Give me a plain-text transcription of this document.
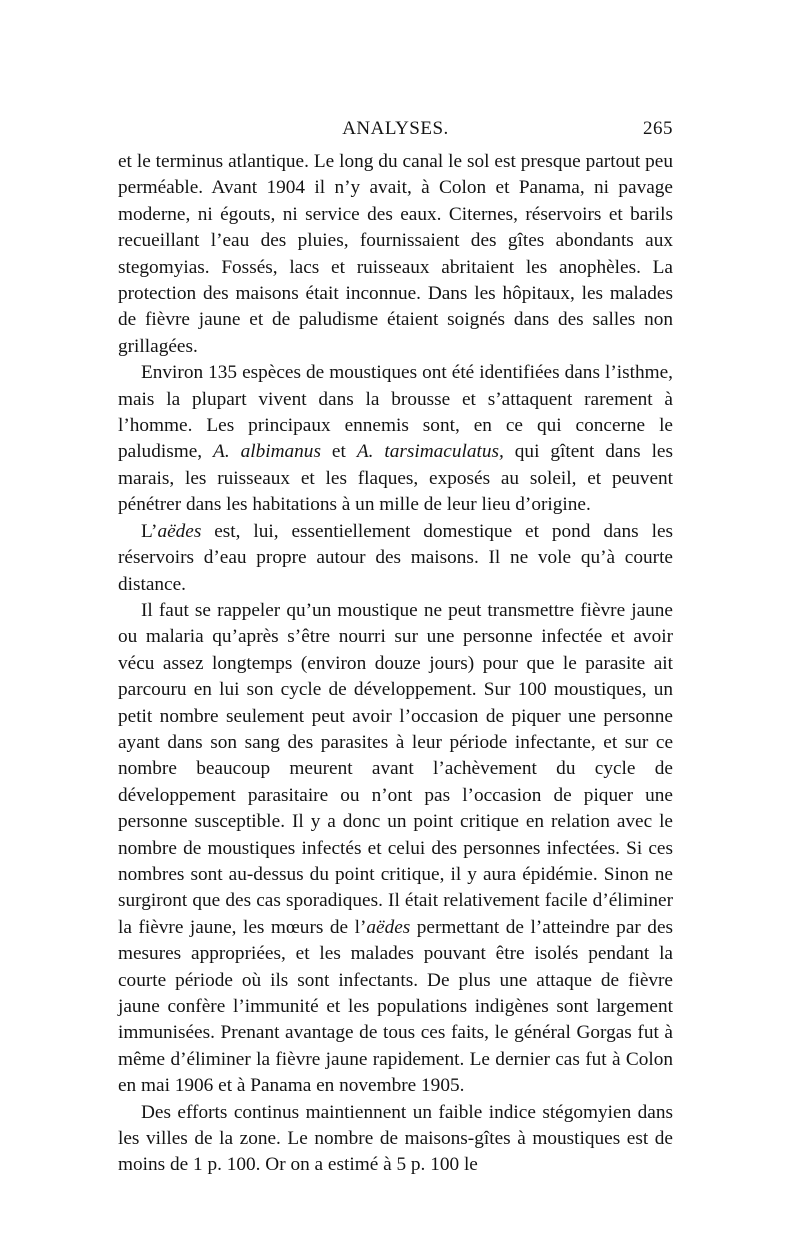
ANALYSES.	265

et le terminus atlantique. Le long du canal le sol est presque partout peu perméable. Avant 1904 il n’y avait, à Colon et Panama, ni pavage moderne, ni égouts, ni service des eaux. Citernes, réservoirs et barils recueillant l’eau des pluies, fournissaient des gîtes abondants aux stegomyias. Fossés, lacs et ruisseaux abritaient les anophèles. La protection des maisons était inconnue. Dans les hôpitaux, les malades de fièvre jaune et de paludisme étaient soignés dans des salles non grillagées.

Environ 135 espèces de moustiques ont été identifiées dans l’isthme, mais la plupart vivent dans la brousse et s’attaquent rarement à l’homme. Les principaux ennemis sont, en ce qui concerne le paludisme, A. albimanus et A. tarsimaculatus, qui gîtent dans les marais, les ruisseaux et les flaques, exposés au soleil, et peuvent pénétrer dans les habitations à un mille de leur lieu d’origine.

L’aëdes est, lui, essentiellement domestique et pond dans les réservoirs d’eau propre autour des maisons. Il ne vole qu’à courte distance.

Il faut se rappeler qu’un moustique ne peut transmettre fièvre jaune ou malaria qu’après s’être nourri sur une personne infectée et avoir vécu assez longtemps (environ douze jours) pour que le parasite ait parcouru en lui son cycle de développement. Sur 100 moustiques, un petit nombre seulement peut avoir l’occasion de piquer une personne ayant dans son sang des parasites à leur période infectante, et sur ce nombre beaucoup meurent avant l’achèvement du cycle de développement parasitaire ou n’ont pas l’occasion de piquer une personne susceptible. Il y a donc un point critique en relation avec le nombre de moustiques infectés et celui des personnes infectées. Si ces nombres sont au-dessus du point critique, il y aura épidémie. Sinon ne surgiront que des cas sporadiques. Il était relativement facile d’éliminer la fièvre jaune, les mœurs de l’aëdes permettant de l’atteindre par des mesures appropriées, et les malades pouvant être isolés pendant la courte période où ils sont infectants. De plus une attaque de fièvre jaune confère l’immunité et les populations indigènes sont largement immunisées. Prenant avantage de tous ces faits, le général Gorgas fut à même d’éliminer la fièvre jaune rapidement. Le dernier cas fut à Colon en mai 1906 et à Panama en novembre 1905.

Des efforts continus maintiennent un faible indice stégomyien dans les villes de la zone. Le nombre de maisons-gîtes à moustiques est de moins de 1 p. 100. Or on a estimé à 5 p. 100 le
